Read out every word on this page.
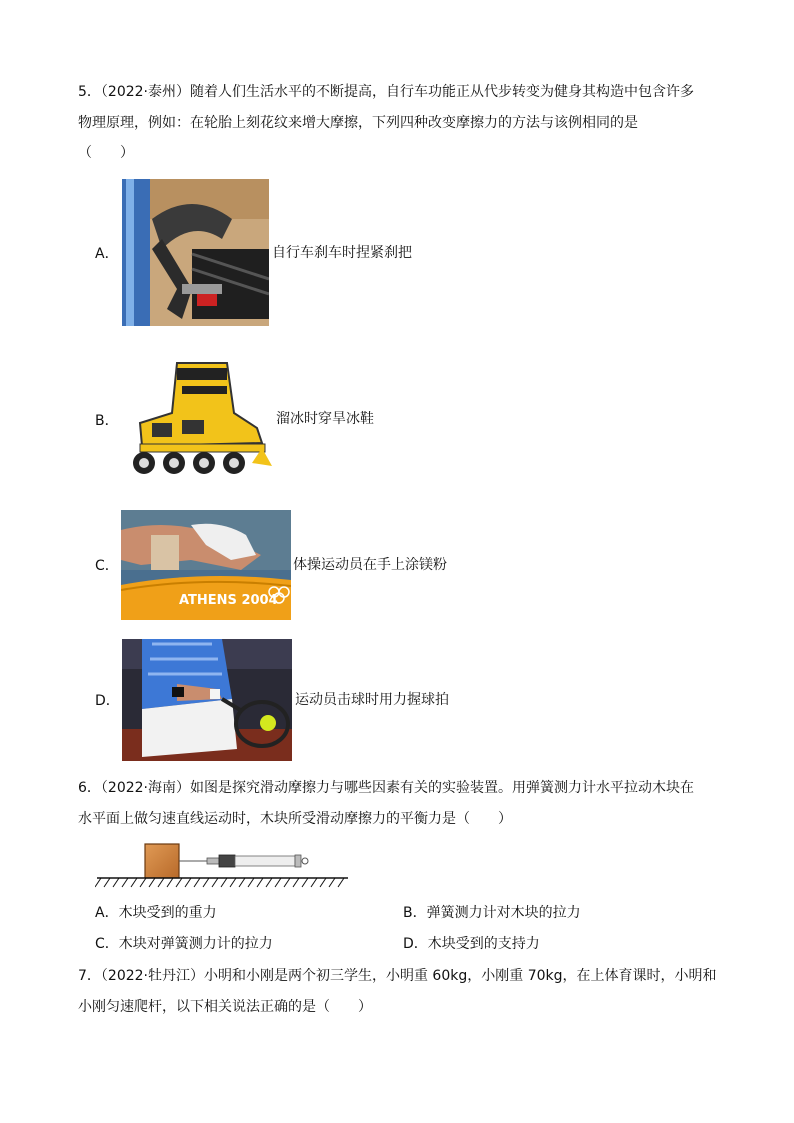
5．（2022·泰州）随着人们生活水平的不断提高，自行车功能正从代步转变为健身其构造中包含许多
物理原理，例如：在轮胎上刻花纹来增大摩擦，下列四种改变摩擦力的方法与该例相同的是
（　　）
A．	自行车刹车时捏紧刹把
B．	溜冰时穿旱冰鞋
C．
ATHENS 2004
体操运动员在手上涂镁粉
D．	运动员击球时用力握球拍
6．（2022·海南）如图是探究滑动摩擦力与哪些因素有关的实验装置。用弹簧测力计水平拉动木块在
水平面上做匀速直线运动时，木块所受滑动摩擦力的平衡力是（　　）
A．木块受到的重力	B．弹簧测力计对木块的拉力
C．木块对弹簧测力计的拉力	D．木块受到的支持力
7．（2022·牡丹江）小明和小刚是两个初三学生，小明重 60kg，小刚重 70kg，在上体育课时，小明和
小刚匀速爬杆，以下相关说法正确的是（　　）
